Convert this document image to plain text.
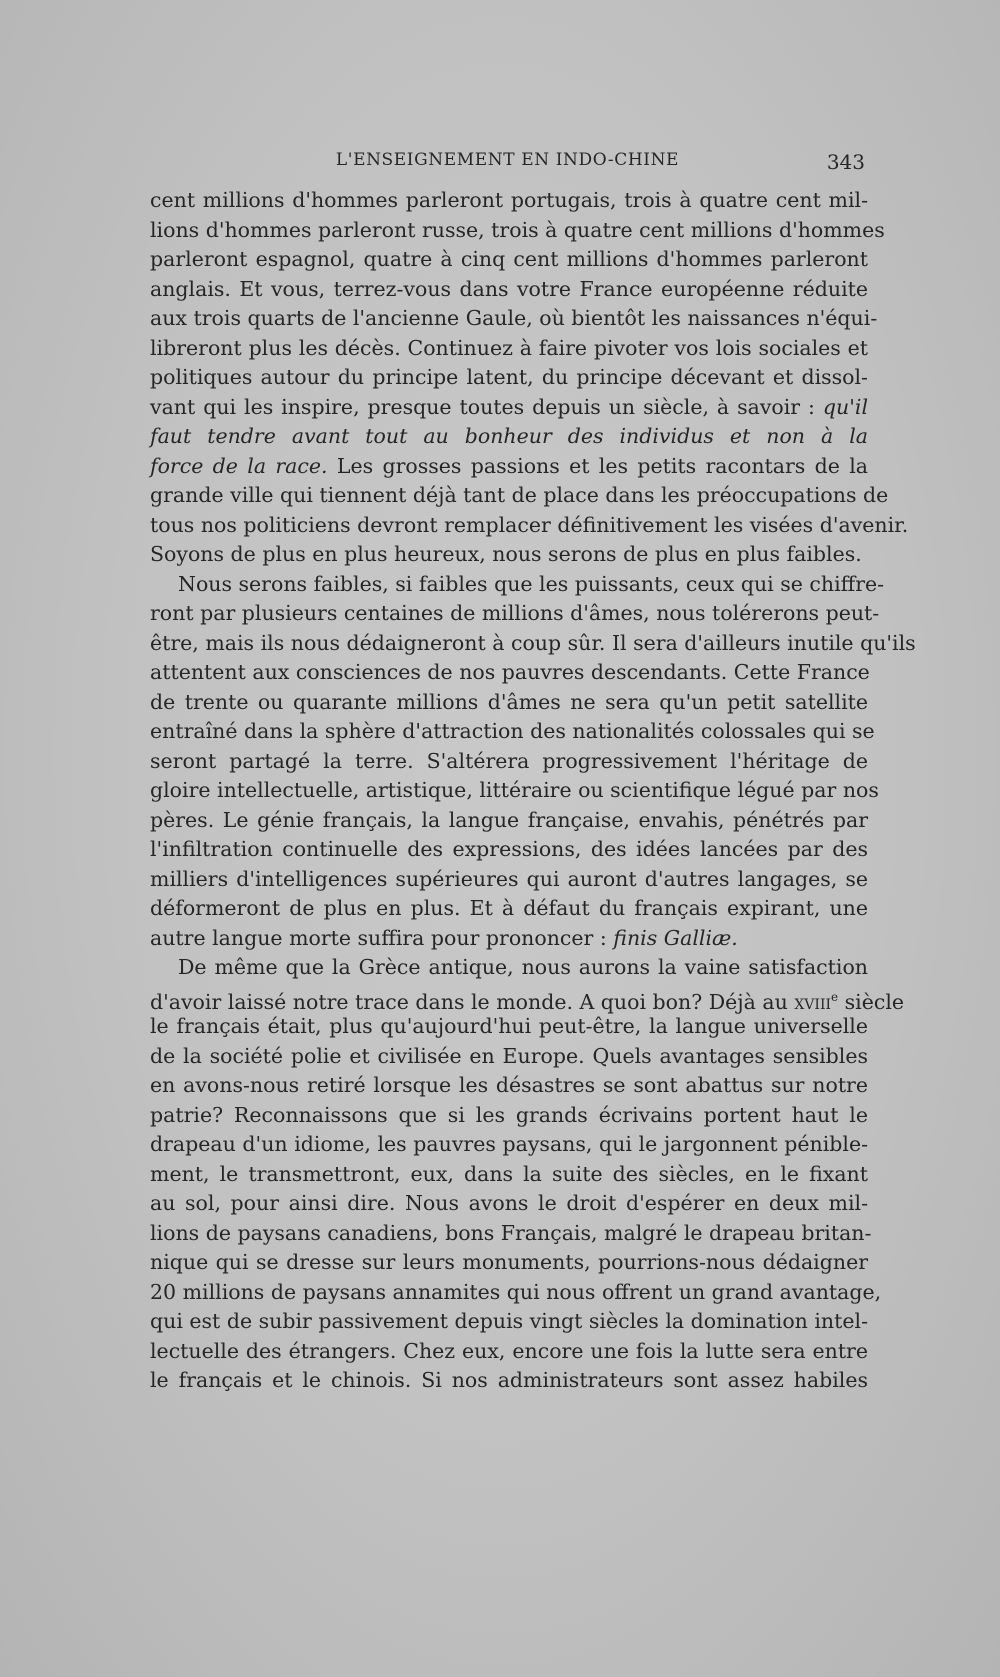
L'ENSEIGNEMENT EN INDO-CHINE	343
cent millions d'hommes parleront portugais, trois à quatre cent mil-
lions d'hommes parleront russe, trois à quatre cent millions d'hommes
parleront espagnol, quatre à cinq cent millions d'hommes parleront
anglais. Et vous, terrez-vous dans votre France européenne réduite
aux trois quarts de l'ancienne Gaule, où bientôt les naissances n'équi-
libreront plus les décès. Continuez à faire pivoter vos lois sociales et
politiques autour du principe latent, du principe décevant et dissol-
vant qui les inspire, presque toutes depuis un siècle, à savoir : qu'il
faut tendre avant tout au bonheur des individus et non à la
force de la race. Les grosses passions et les petits racontars de la
grande ville qui tiennent déjà tant de place dans les préoccupations de
tous nos politiciens devront remplacer définitivement les visées d'avenir.
Soyons de plus en plus heureux, nous serons de plus en plus faibles.
Nous serons faibles, si faibles que les puissants, ceux qui se chiffre-
ront par plusieurs centaines de millions d'âmes, nous tolérerons peut-
être, mais ils nous dédaigneront à coup sûr. Il sera d'ailleurs inutile qu'ils
attentent aux consciences de nos pauvres descendants. Cette France
de trente ou quarante millions d'âmes ne sera qu'un petit satellite
entraîné dans la sphère d'attraction des nationalités colossales qui se
seront partagé la terre. S'altérera progressivement l'héritage de
gloire intellectuelle, artistique, littéraire ou scientifique légué par nos
pères. Le génie français, la langue française, envahis, pénétrés par
l'infiltration continuelle des expressions, des idées lancées par des
milliers d'intelligences supérieures qui auront d'autres langages, se
déformeront de plus en plus. Et à défaut du français expirant, une
autre langue morte suffira pour prononcer : finis Galliæ.
De même que la Grèce antique, nous aurons la vaine satisfaction
d'avoir laissé notre trace dans le monde. A quoi bon? Déjà au xviii$^e$ siècle
le français était, plus qu'aujourd'hui peut-être, la langue universelle
de la société polie et civilisée en Europe. Quels avantages sensibles
en avons-nous retiré lorsque les désastres se sont abattus sur notre
patrie? Reconnaissons que si les grands écrivains portent haut le
drapeau d'un idiome, les pauvres paysans, qui le jargonnent pénible-
ment, le transmettront, eux, dans la suite des siècles, en le fixant
au sol, pour ainsi dire. Nous avons le droit d'espérer en deux mil-
lions de paysans canadiens, bons Français, malgré le drapeau britan-
nique qui se dresse sur leurs monuments, pourrions-nous dédaigner
20 millions de paysans annamites qui nous offrent un grand avantage,
qui est de subir passivement depuis vingt siècles la domination intel-
lectuelle des étrangers. Chez eux, encore une fois la lutte sera entre
le français et le chinois. Si nos administrateurs sont assez habiles
